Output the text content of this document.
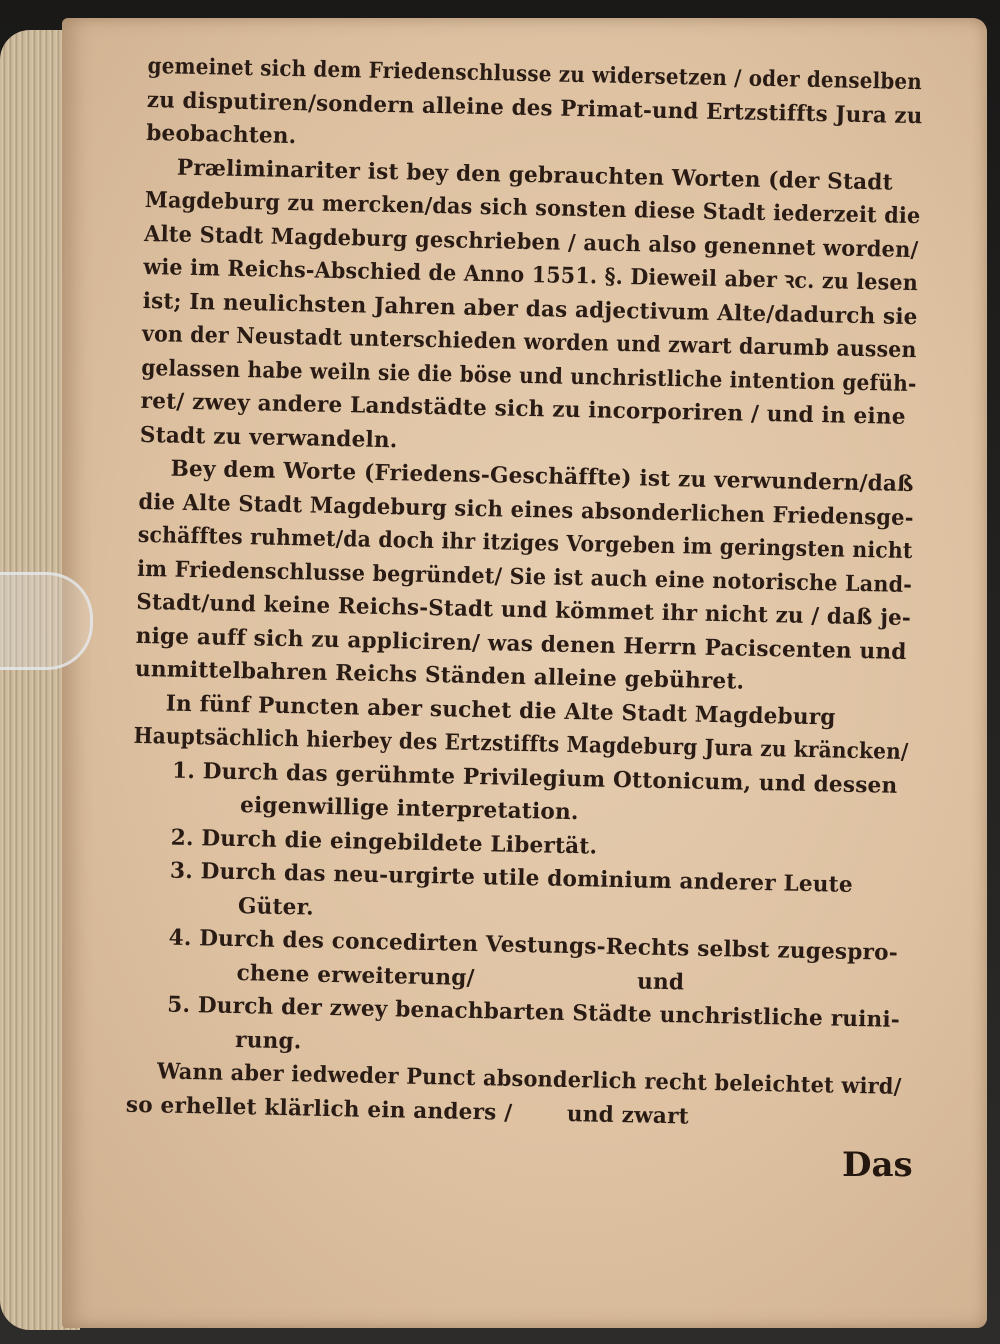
gemeinet sich dem Friedenschlusse zu widersetzen / oder denselben
zu disputiren/sondern alleine des Primat-und Ertzstiffts Jura zu
beobachten.
Præliminariter ist bey den gebrauchten Worten (der Stadt
Magdeburg zu mercken/das sich sonsten diese Stadt iederzeit die
Alte Stadt Magdeburg geschrieben / auch also genennet worden/
wie im Reichs-Abschied de Anno 1551. §. Dieweil aber ꝛc. zu lesen
ist; In neulichsten Jahren aber das adjectivum Alte/dadurch sie
von der Neustadt unterschieden worden und zwart darumb aussen
gelassen habe weiln sie die böse und unchristliche intention gefüh-
ret/ zwey andere Landstädte sich zu incorporiren / und in eine
Stadt zu verwandeln.
Bey dem Worte (Friedens-Geschäffte) ist zu verwundern/daß
die Alte Stadt Magdeburg sich eines absonderlichen Friedensge-
schäfftes ruhmet/da doch ihr itziges Vorgeben im geringsten nicht
im Friedenschlusse begründet/ Sie ist auch eine notorische Land-
Stadt/und keine Reichs-Stadt und kömmet ihr nicht zu / daß je-
nige auff sich zu appliciren/ was denen Herrn Paciscenten und
unmittelbahren Reichs Ständen alleine gebühret.
In fünf Puncten aber suchet die Alte Stadt Magdeburg
Hauptsächlich hierbey des Ertzstiffts Magdeburg Jura zu kräncken/
1. Durch das gerühmte Privilegium Ottonicum, und dessen
eigenwillige interpretation.
2. Durch die eingebildete Libertät.
3. Durch das neu-urgirte utile dominium anderer Leute
Güter.
4. Durch des concedirten Vestungs-Rechts selbst zugespro-
chene erweiterung/	und
5. Durch der zwey benachbarten Städte unchristliche ruini-
rung.
Wann aber iedweder Punct absonderlich recht beleichtet wird/
so erhellet klärlich ein anders / und zwart
Das
